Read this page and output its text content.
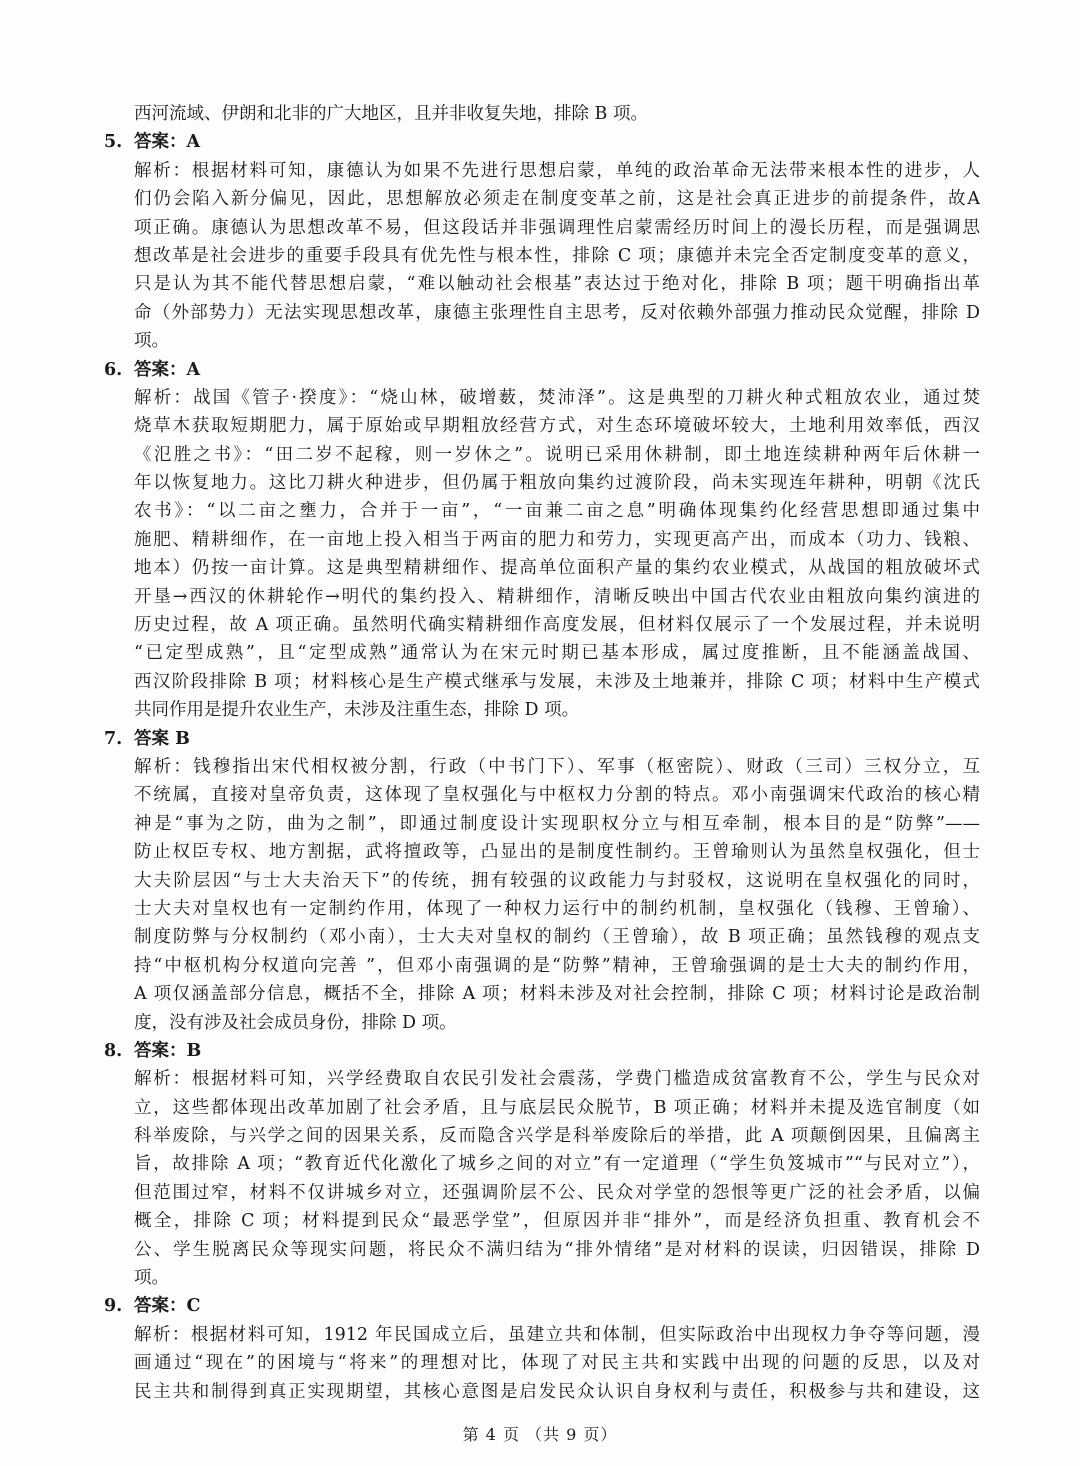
西河流域、伊朗和北非的广大地区，且并非收复失地，排除 B 项。
5. 答案：A
解析：根据材料可知，康德认为如果不先进行思想启蒙，单纯的政治革命无法带来根本性的进步，人
们仍会陷入新分偏见，因此，思想解放必须走在制度变革之前，这是社会真正进步的前提条件，故A
项正确。康德认为思想改革不易，但这段话并非强调理性启蒙需经历时间上的漫长历程，而是强调思
想改革是社会进步的重要手段具有优先性与根本性，排除 C 项；康德并未完全否定制度变革的意义，
只是认为其不能代替思想启蒙，“难以触动社会根基”表达过于绝对化，排除 B 项；题干明确指出革
命（外部势力）无法实现思想改革，康德主张理性自主思考，反对依赖外部强力推动民众觉醒，排除 D
项。
6. 答案：A
解析：战国《管子·揆度》：“烧山林，破增薮，焚沛泽”。这是典型的刀耕火种式粗放农业，通过焚
烧草木获取短期肥力，属于原始或早期粗放经营方式，对生态环境破坏较大，土地利用效率低，西汉
《氾胜之书》：“田二岁不起稼，则一岁休之”。说明已采用休耕制，即土地连续耕种两年后休耕一
年以恢复地力。这比刀耕火种进步，但仍属于粗放向集约过渡阶段，尚未实现连年耕种，明朝《沈氏
农书》：“以二亩之壅力，合并于一亩”，“一亩兼二亩之息”明确体现集约化经营思想即通过集中
施肥、精耕细作，在一亩地上投入相当于两亩的肥力和劳力，实现更高产出，而成本（功力、钱粮、
地本）仍按一亩计算。这是典型精耕细作、提高单位面积产量的集约农业模式，从战国的粗放破坏式
开垦→西汉的休耕轮作→明代的集约投入、精耕细作，清晰反映出中国古代农业由粗放向集约演进的
历史过程，故 A 项正确。虽然明代确实精耕细作高度发展，但材料仅展示了一个发展过程，并未说明
“已定型成熟”，且“定型成熟”通常认为在宋元时期已基本形成，属过度推断，且不能涵盖战国、
西汉阶段排除 B 项；材料核心是生产模式继承与发展，未涉及土地兼并，排除 C 项；材料中生产模式
共同作用是提升农业生产，未涉及注重生态，排除 D 项。
7. 答案 B
解析：钱穆指出宋代相权被分割，行政（中书门下）、军事（枢密院）、财政（三司）三权分立，互
不统属，直接对皇帝负责，这体现了皇权强化与中枢权力分割的特点。邓小南强调宋代政治的核心精
神是“事为之防，曲为之制”，即通过制度设计实现职权分立与相互牵制，根本目的是“防弊”——
防止权臣专权、地方割据，武将擅政等，凸显出的是制度性制约。王曾瑜则认为虽然皇权强化，但士
大夫阶层因“与士大夫治天下”的传统，拥有较强的议政能力与封驳权，这说明在皇权强化的同时，
士大夫对皇权也有一定制约作用，体现了一种权力运行中的制约机制，皇权强化（钱穆、王曾瑜）、
制度防弊与分权制约（邓小南），士大夫对皇权的制约（王曾瑜），故 B 项正确；虽然钱穆的观点支
持“中枢机构分权道向完善 ”，但邓小南强调的是“防弊”精神，王曾瑜强调的是士大夫的制约作用，
A 项仅涵盖部分信息，概括不全，排除 A 项；材料未涉及对社会控制，排除 C 项；材料讨论是政治制
度，没有涉及社会成员身份，排除 D 项。
8. 答案：B
解析：根据材料可知，兴学经费取自农民引发社会震荡，学费门槛造成贫富教育不公，学生与民众对
立，这些都体现出改革加剧了社会矛盾，且与底层民众脱节，B 项正确；材料并未提及选官制度（如
科举废除，与兴学之间的因果关系，反而隐含兴学是科举废除后的举措，此 A 项颠倒因果，且偏离主
旨，故排除 A 项；“教育近代化激化了城乡之间的对立”有一定道理（“学生负笈城市”“与民对立”），
但范围过窄，材料不仅讲城乡对立，还强调阶层不公、民众对学堂的怨恨等更广泛的社会矛盾，以偏
概全，排除 C 项；材料提到民众“最恶学堂”，但原因并非“排外”，而是经济负担重、教育机会不
公、学生脱离民众等现实问题，将民众不满归结为“排外情绪”是对材料的误读，归因错误，排除 D
项。
9. 答案：C
解析：根据材料可知，1912 年民国成立后，虽建立共和体制，但实际政治中出现权力争夺等问题，漫
画通过“现在”的困境与“将来”的理想对比，体现了对民主共和实践中出现的问题的反思，以及对
民主共和制得到真正实现期望，其核心意图是启发民众认识自身权利与责任，积极参与共和建设，这
第 4 页 （共 9 页）
